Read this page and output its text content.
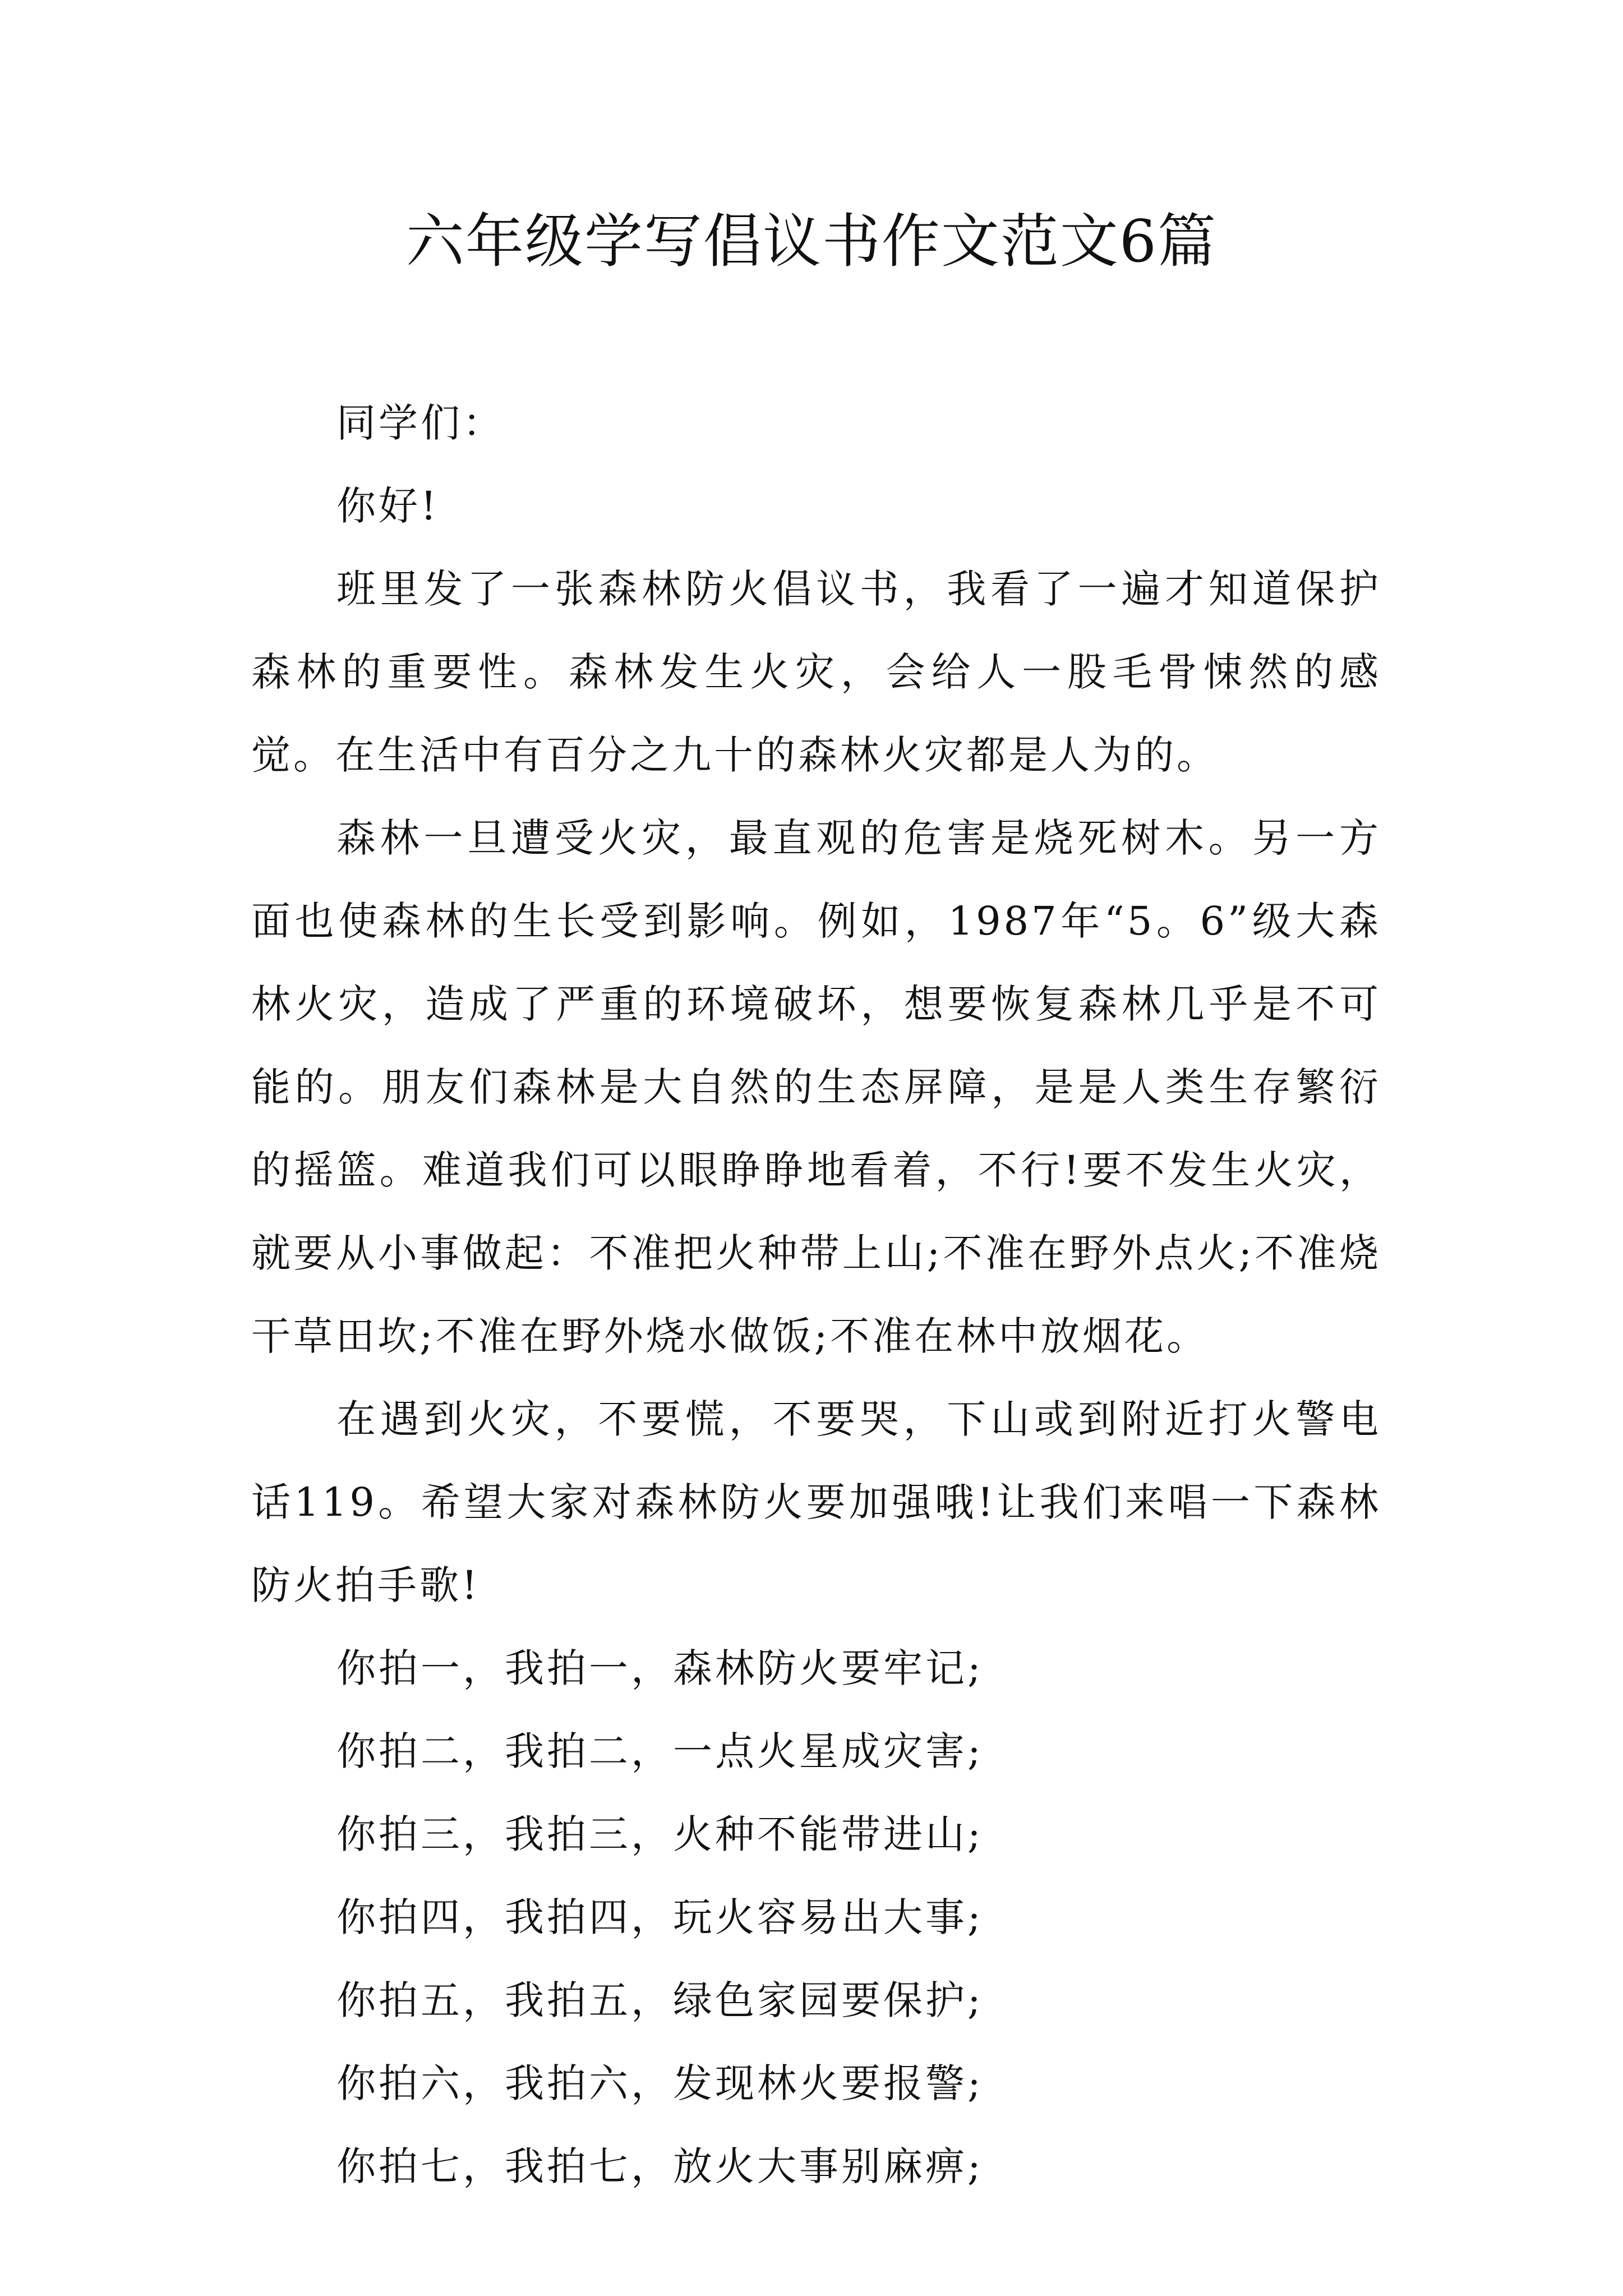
六年级学写倡议书作文范文6篇

同学们：

你好!

班里发了一张森林防火倡议书，我看了一遍才知道保护森林的重要性。森林发生火灾，会给人一股毛骨悚然的感觉。在生活中有百分之九十的森林火灾都是人为的。

森林一旦遭受火灾，最直观的危害是烧死树木。另一方面也使森林的生长受到影响。例如，1987年“5。6”级大森林火灾，造成了严重的环境破坏，想要恢复森林几乎是不可能的。朋友们森林是大自然的生态屏障，是是人类生存繁衍的摇篮。难道我们可以眼睁睁地看着，不行!要不发生火灾，就要从小事做起：不准把火种带上山;不准在野外点火;不准烧干草田坎;不准在野外烧水做饭;不准在林中放烟花。

在遇到火灾，不要慌，不要哭，下山或到附近打火警电话119。希望大家对森林防火要加强哦!让我们来唱一下森林防火拍手歌!

你拍一，我拍一，森林防火要牢记;

你拍二，我拍二，一点火星成灾害;

你拍三，我拍三，火种不能带进山;

你拍四，我拍四，玩火容易出大事;

你拍五，我拍五，绿色家园要保护;

你拍六，我拍六，发现林火要报警;

你拍七，我拍七，放火大事别麻痹;
